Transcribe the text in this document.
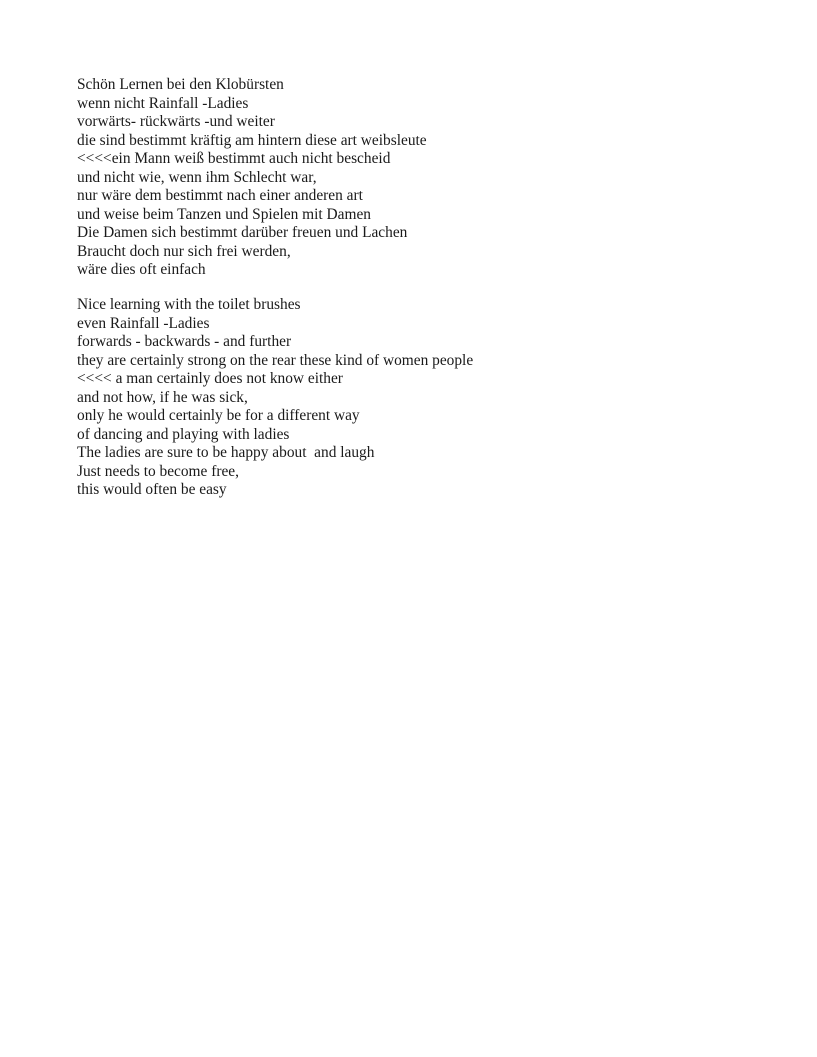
Schön Lernen bei den Klobürsten
wenn nicht Rainfall -Ladies
vorwärts- rückwärts -und weiter
die sind bestimmt kräftig am hintern diese art weibsleute
<<<<ein Mann weiß bestimmt auch nicht bescheid
und nicht wie, wenn ihm Schlecht war,
nur wäre dem bestimmt nach einer anderen art
und weise beim Tanzen und Spielen mit Damen
Die Damen sich bestimmt darüber freuen und Lachen
Braucht doch nur sich frei werden,
wäre dies oft einfach
Nice learning with the toilet brushes
even Rainfall -Ladies
forwards - backwards - and further
they are certainly strong on the rear these kind of women people
<<<< a man certainly does not know either
and not how, if he was sick,
only he would certainly be for a different way
of dancing and playing with ladies
The ladies are sure to be happy about  and laugh
Just needs to become free,
this would often be easy
